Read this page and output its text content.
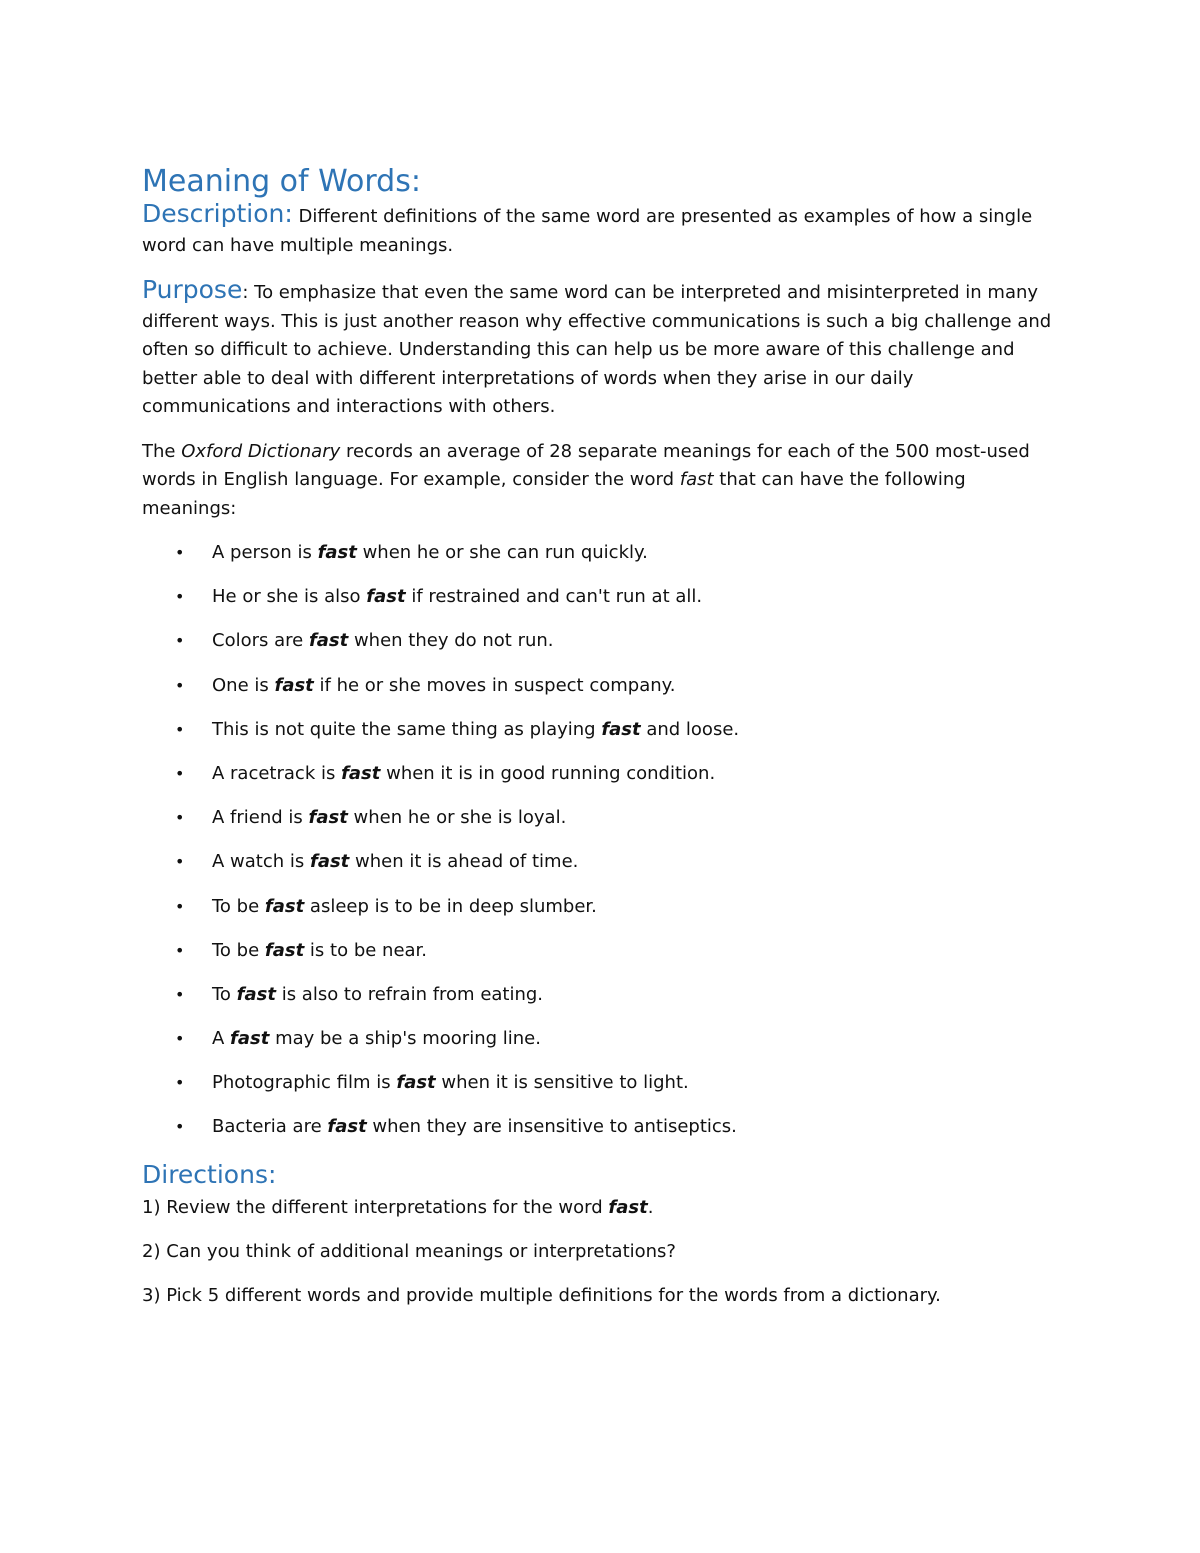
Meaning of Words:

Description: Different definitions of the same word are presented as examples of how a single word can have multiple meanings.

Purpose: To emphasize that even the same word can be interpreted and misinterpreted in many different ways. This is just another reason why effective communications is such a big challenge and often so difficult to achieve. Understanding this can help us be more aware of this challenge and better able to deal with different interpretations of words when they arise in our daily communications and interactions with others.

The Oxford Dictionary records an average of 28 separate meanings for each of the 500 most-used words in English language. For example, consider the word fast that can have the following meanings:

• A person is fast when he or she can run quickly.
• He or she is also fast if restrained and can't run at all.
• Colors are fast when they do not run.
• One is fast if he or she moves in suspect company.
• This is not quite the same thing as playing fast and loose.
• A racetrack is fast when it is in good running condition.
• A friend is fast when he or she is loyal.
• A watch is fast when it is ahead of time.
• To be fast asleep is to be in deep slumber.
• To be fast is to be near.
• To fast is also to refrain from eating.
• A fast may be a ship's mooring line.
• Photographic film is fast when it is sensitive to light.
• Bacteria are fast when they are insensitive to antiseptics.
Directions:

1) Review the different interpretations for the word fast.

2) Can you think of additional meanings or interpretations?

3) Pick 5 different words and provide multiple definitions for the words from a dictionary.
